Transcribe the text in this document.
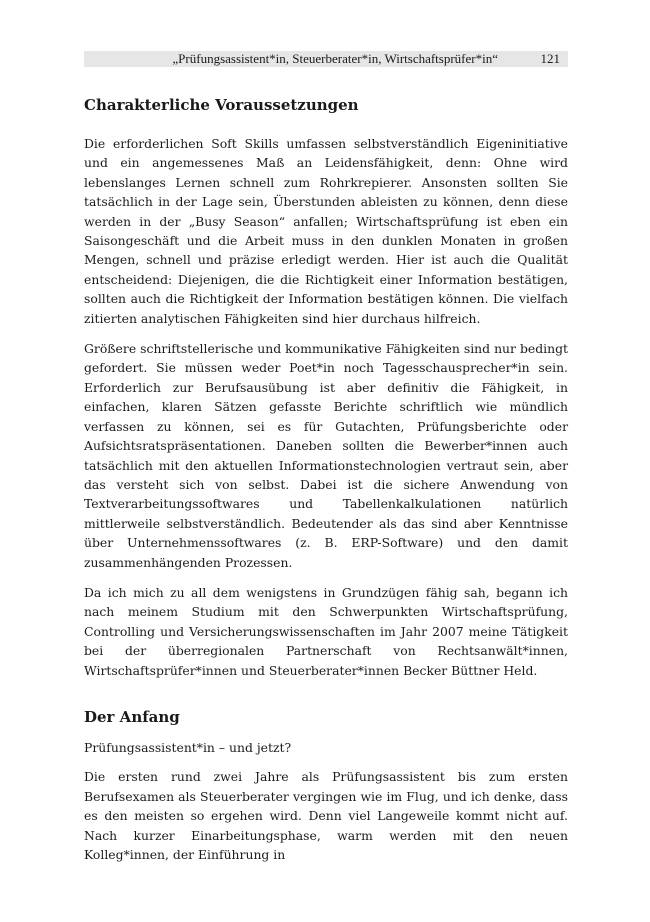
„Prüfungsassistent*in, Steuerberater*in, Wirtschaftsprüfer*in“	121
Charakterliche Voraussetzungen

Die erforderlichen Soft Skills umfassen selbstverständlich Eigeninitiative und ein angemessenes Maß an Leidensfähigkeit, denn: Ohne wird lebenslanges Lernen schnell zum Rohrkrepierer. Ansonsten sollten Sie tatsächlich in der Lage sein, Überstunden ableisten zu können, denn diese werden in der „Busy Season“ anfallen; Wirtschaftsprüfung ist eben ein Saisongeschäft und die Arbeit muss in den dunklen Monaten in großen Mengen, schnell und präzise erledigt werden. Hier ist auch die Qualität entscheidend: Diejenigen, die die Richtigkeit einer Information bestätigen, sollten auch die Richtigkeit der Information bestätigen können. Die vielfach zitierten analytischen Fähigkeiten sind hier durchaus hilfreich.

Größere schriftstellerische und kommunikative Fähigkeiten sind nur bedingt gefordert. Sie müssen weder Poet*in noch Tagesschausprecher*in sein. Erforderlich zur Berufsausübung ist aber definitiv die Fähigkeit, in einfachen, klaren Sätzen gefasste Berichte schriftlich wie mündlich verfassen zu können, sei es für Gutachten, Prüfungsberichte oder Aufsichtsratspräsentationen. Daneben sollten die Bewerber*innen auch tatsächlich mit den aktuellen Informationstechnologien vertraut sein, aber das versteht sich von selbst. Dabei ist die sichere Anwendung von Textverarbeitungssoftwares und Tabellenkalkulationen natürlich mittlerweile selbstverständlich. Bedeutender als das sind aber Kenntnisse über Unternehmenssoftwares (z. B. ERP-Software) und den damit zusammenhängenden Prozessen.

Da ich mich zu all dem wenigstens in Grundzügen fähig sah, begann ich nach meinem Studium mit den Schwerpunkten Wirtschaftsprüfung, Controlling und Versicherungswissenschaften im Jahr 2007 meine Tätigkeit bei der überregionalen Partnerschaft von Rechtsanwält*innen, Wirtschaftsprüfer*innen und Steuerberater*innen Becker Büttner Held.

Der Anfang

Prüfungsassistent*in – und jetzt?

Die ersten rund zwei Jahre als Prüfungsassistent bis zum ersten Berufsexamen als Steuerberater vergingen wie im Flug, und ich denke, dass es den meisten so ergehen wird. Denn viel Langeweile kommt nicht auf. Nach kurzer Einarbeitungsphase, warm werden mit den neuen Kolleg*innen, der Einführung in
